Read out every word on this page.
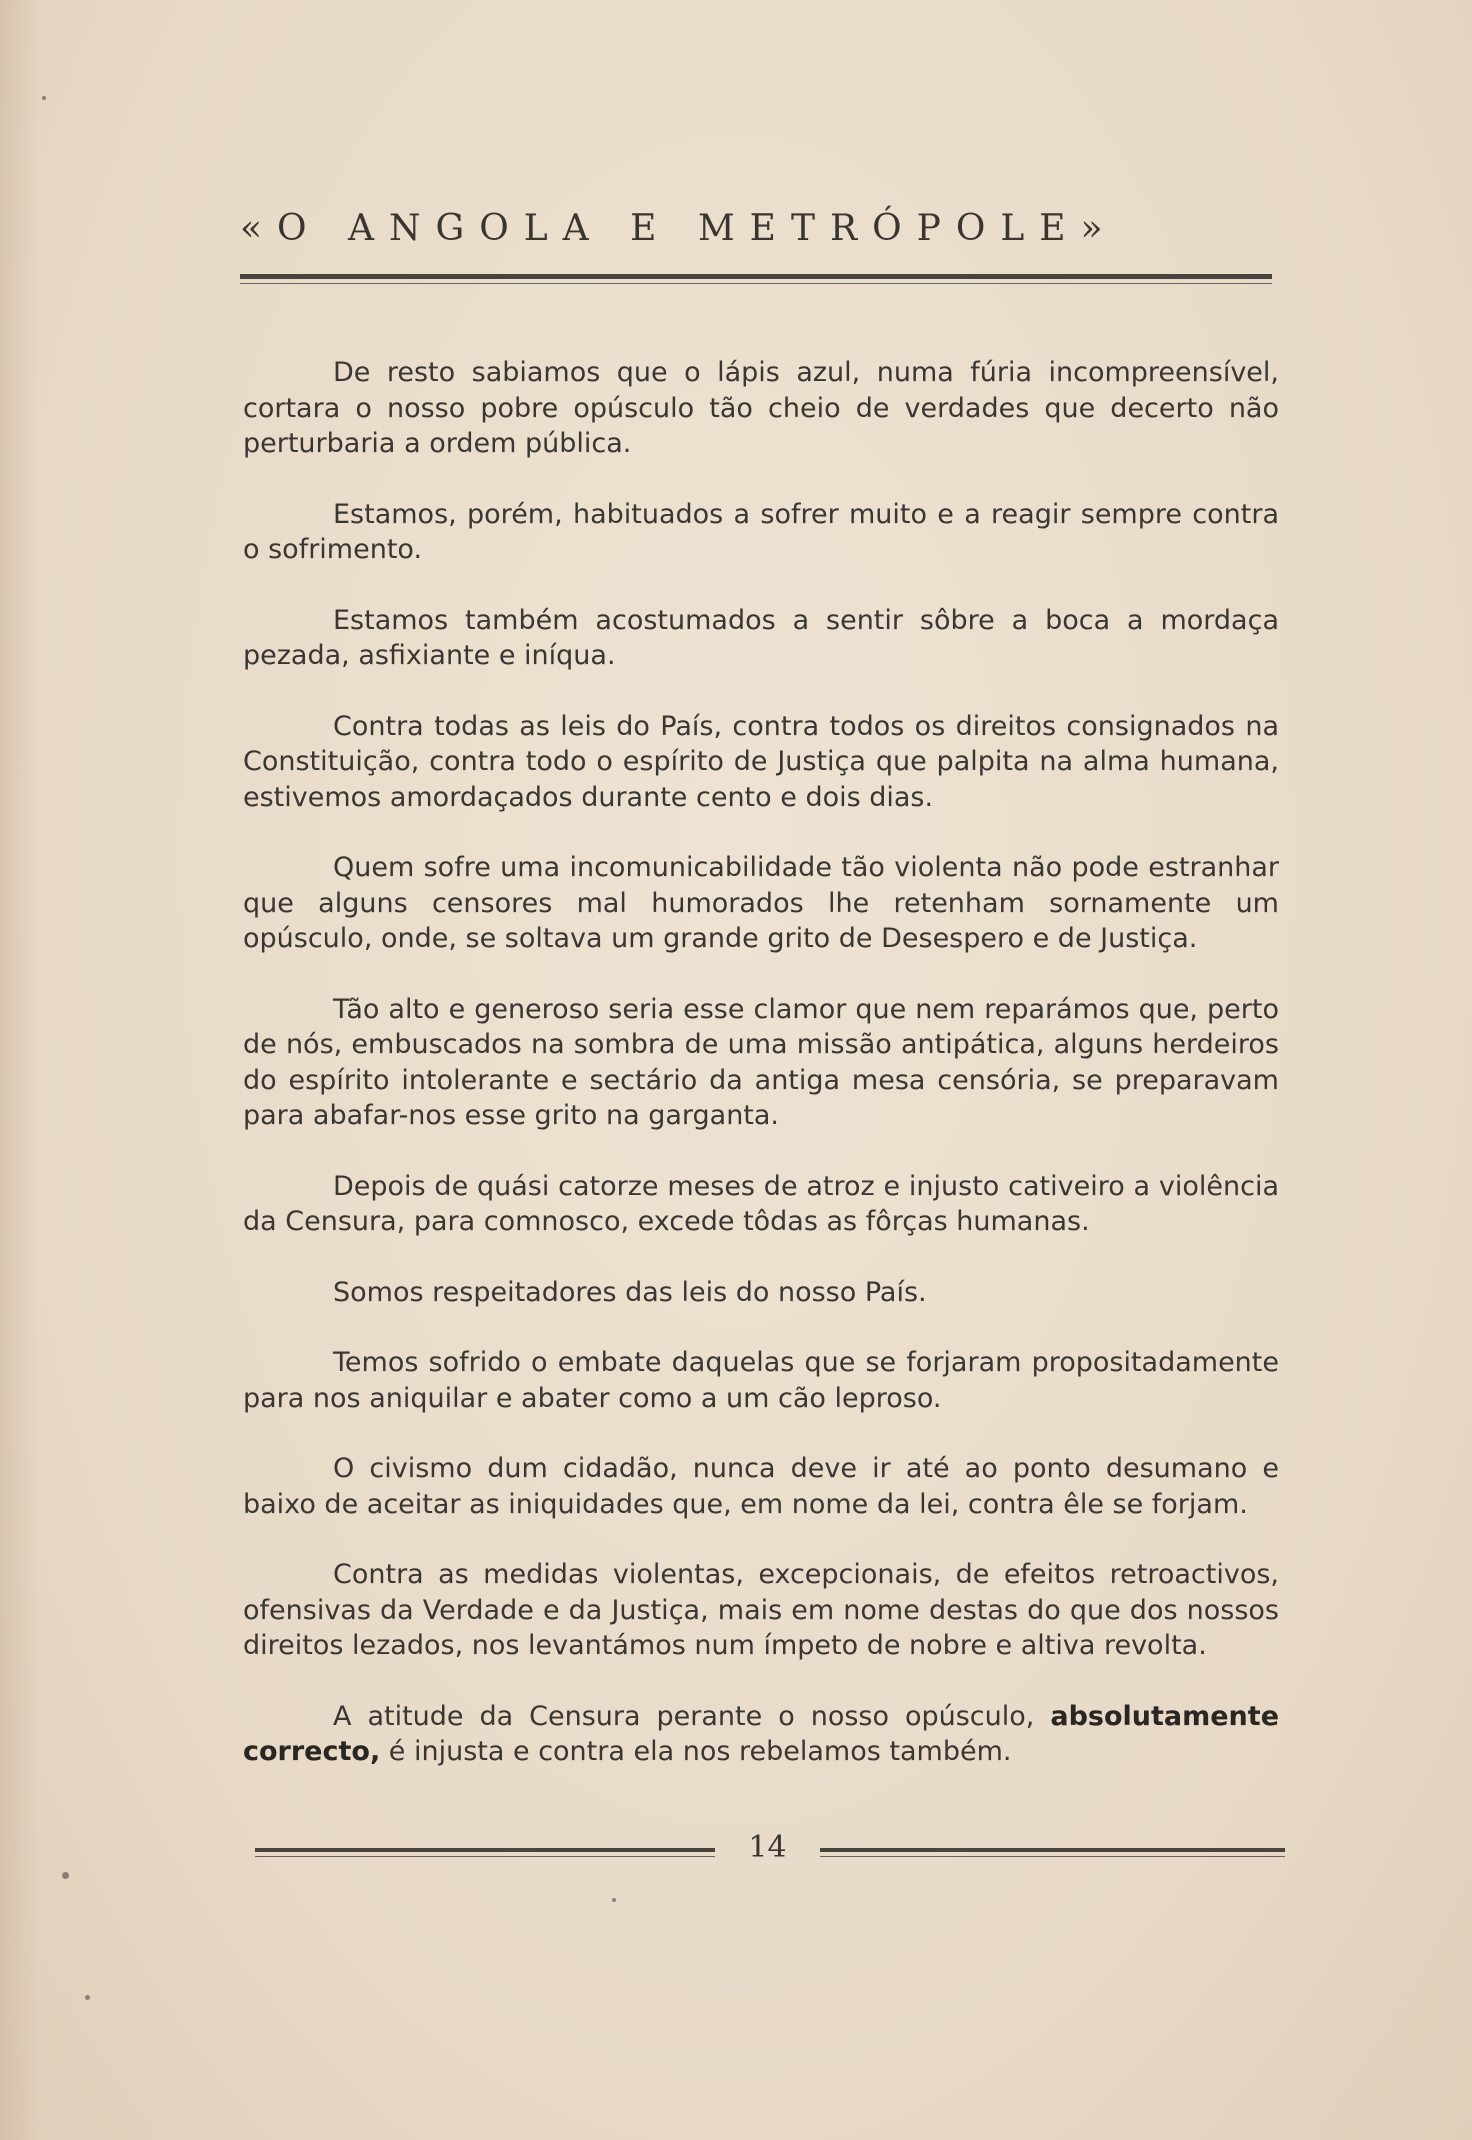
«O ANGOLA E METRÓPOLE»

De resto sabiamos que o lápis azul, numa fúria incompreensível, cortara o nosso pobre opúsculo tão cheio de verdades que decerto não perturbaria a ordem pública.

Estamos, porém, habituados a sofrer muito e a reagir sempre contra o sofrimento.

Estamos também acostumados a sentir sôbre a boca a mordaça pezada, asfixiante e iníqua.

Contra todas as leis do País, contra todos os direitos consignados na Constituição, contra todo o espírito de Justiça que palpita na alma humana, estivemos amordaçados durante cento e dois dias.

Quem sofre uma incomunicabilidade tão violenta não pode estranhar que alguns censores mal humorados lhe retenham sornamente um opúsculo, onde, se soltava um grande grito de Desespero e de Justiça.

Tão alto e generoso seria esse clamor que nem reparámos que, perto de nós, embuscados na sombra de uma missão antipática, alguns herdeiros do espírito intolerante e sectário da antiga mesa censória, se preparavam para abafar-nos esse grito na garganta.

Depois de quási catorze meses de atroz e injusto cativeiro a violência da Censura, para comnosco, excede tôdas as fôrças humanas.

Somos respeitadores das leis do nosso País.

Temos sofrido o embate daquelas que se forjaram propositadamente para nos aniquilar e abater como a um cão leproso.

O civismo dum cidadão, nunca deve ir até ao ponto desumano e baixo de aceitar as iniquidades que, em nome da lei, contra êle se forjam.

Contra as medidas violentas, excepcionais, de efeitos retroactivos, ofensivas da Verdade e da Justiça, mais em nome destas do que dos nossos direitos lezados, nos levantámos num ímpeto de nobre e altiva revolta.

A atitude da Censura perante o nosso opúsculo, absolutamente correcto, é injusta e contra ela nos rebelamos também.

14
